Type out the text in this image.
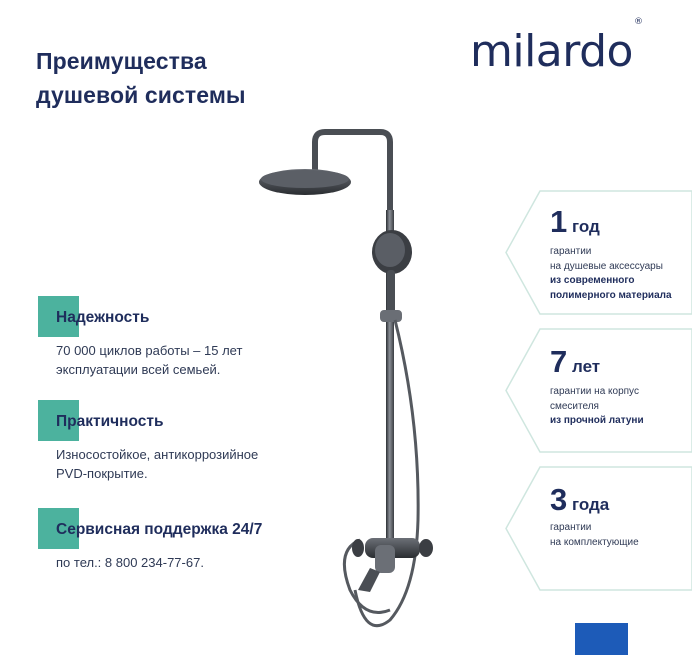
Преимущества
душевой системы
milardo®
Надежность

70 000 циклов работы – 15 лет
эксплуатации всей семьей.

Практичность

Износостойкое, антикоррозийное
PVD-покрытие.

Сервисная поддержка 24/7

по тел.: 8 800 234-77-67.

1 год
гарантии
на душевые аксессуары
из современного
полимерного материала
7 лет
гарантии на корпус
смесителя
из прочной латуни
3 года
гарантии
на комплектующие
